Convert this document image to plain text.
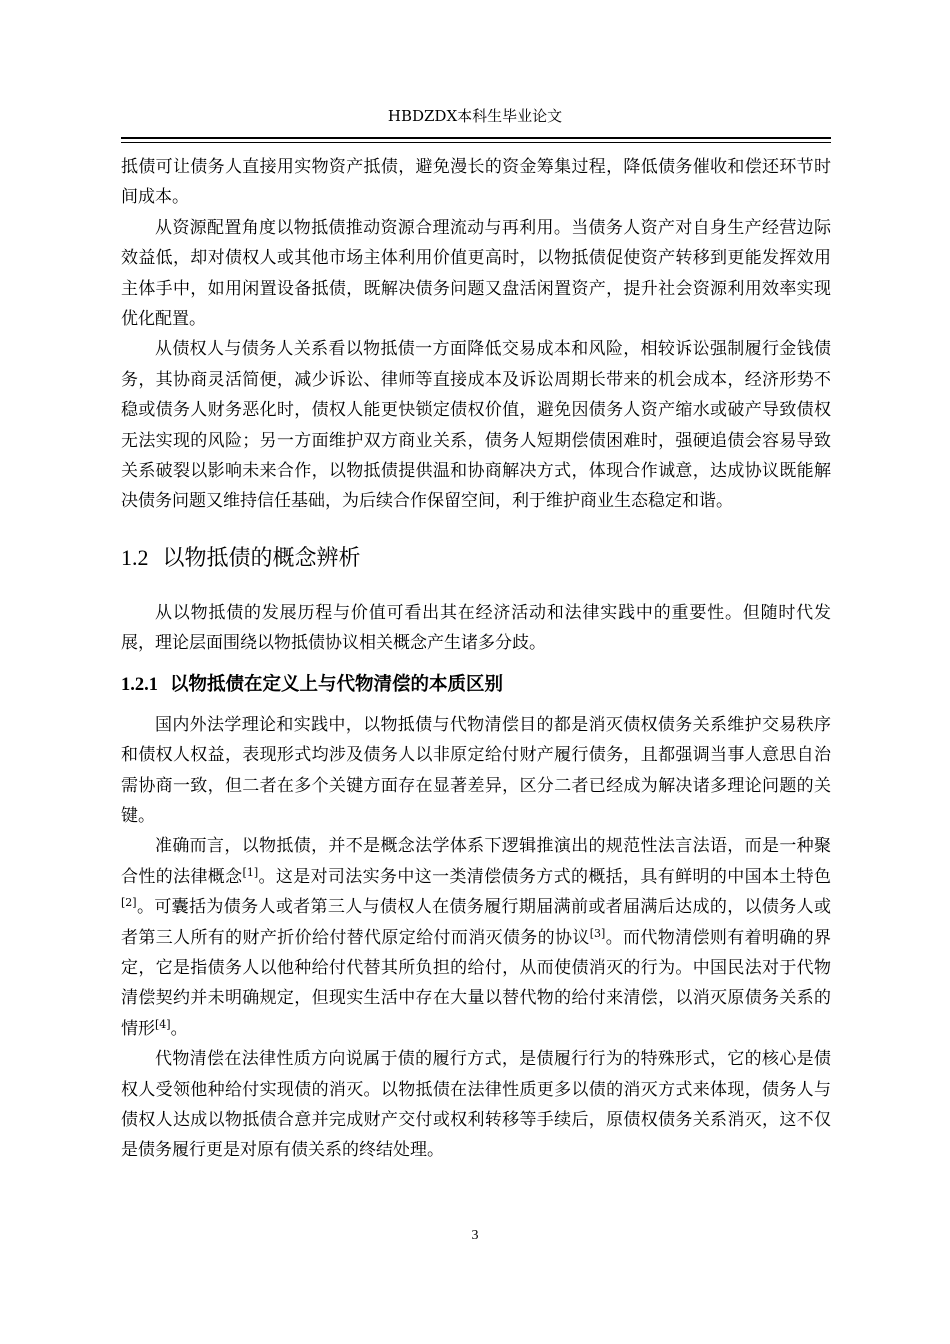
HBDZDX本科生毕业论文

抵债可让债务人直接用实物资产抵债，避免漫长的资金筹集过程，降低债务催收和偿还环节时间成本。

从资源配置角度以物抵债推动资源合理流动与再利用。当债务人资产对自身生产经营边际效益低，却对债权人或其他市场主体利用价值更高时，以物抵债促使资产转移到更能发挥效用主体手中，如用闲置设备抵债，既解决债务问题又盘活闲置资产，提升社会资源利用效率实现优化配置。

从债权人与债务人关系看以物抵债一方面降低交易成本和风险，相较诉讼强制履行金钱债务，其协商灵活简便，减少诉讼、律师等直接成本及诉讼周期长带来的机会成本，经济形势不稳或债务人财务恶化时，债权人能更快锁定债权价值，避免因债务人资产缩水或破产导致债权无法实现的风险；另一方面维护双方商业关系，债务人短期偿债困难时，强硬追债会容易导致关系破裂以影响未来合作，以物抵债提供温和协商解决方式，体现合作诚意，达成协议既能解决债务问题又维持信任基础，为后续合作保留空间，利于维护商业生态稳定和谐。

1.2 以物抵债的概念辨析

从以物抵债的发展历程与价值可看出其在经济活动和法律实践中的重要性。但随时代发展，理论层面围绕以物抵债协议相关概念产生诸多分歧。

1.2.1 以物抵债在定义上与代物清偿的本质区别

国内外法学理论和实践中，以物抵债与代物清偿目的都是消灭债权债务关系维护交易秩序和债权人权益，表现形式均涉及债务人以非原定给付财产履行债务，且都强调当事人意思自治需协商一致，但二者在多个关键方面存在显著差异，区分二者已经成为解决诸多理论问题的关键。

准确而言，以物抵债，并不是概念法学体系下逻辑推演出的规范性法言法语，而是一种聚合性的法律概念[1]。这是对司法实务中这一类清偿债务方式的概括，具有鲜明的中国本土特色[2]。可囊括为债务人或者第三人与债权人在债务履行期届满前或者届满后达成的，以债务人或者第三人所有的财产折价给付替代原定给付而消灭债务的协议[3]。而代物清偿则有着明确的界定，它是指债务人以他种给付代替其所负担的给付，从而使债消灭的行为。中国民法对于代物清偿契约并未明确规定，但现实生活中存在大量以替代物的给付来清偿，以消灭原债务关系的情形[4]。

代物清偿在法律性质方向说属于债的履行方式，是债履行行为的特殊形式，它的核心是债权人受领他种给付实现债的消灭。以物抵债在法律性质更多以债的消灭方式来体现，债务人与债权人达成以物抵债合意并完成财产交付或权利转移等手续后，原债权债务关系消灭，这不仅是债务履行更是对原有债关系的终结处理。

3
